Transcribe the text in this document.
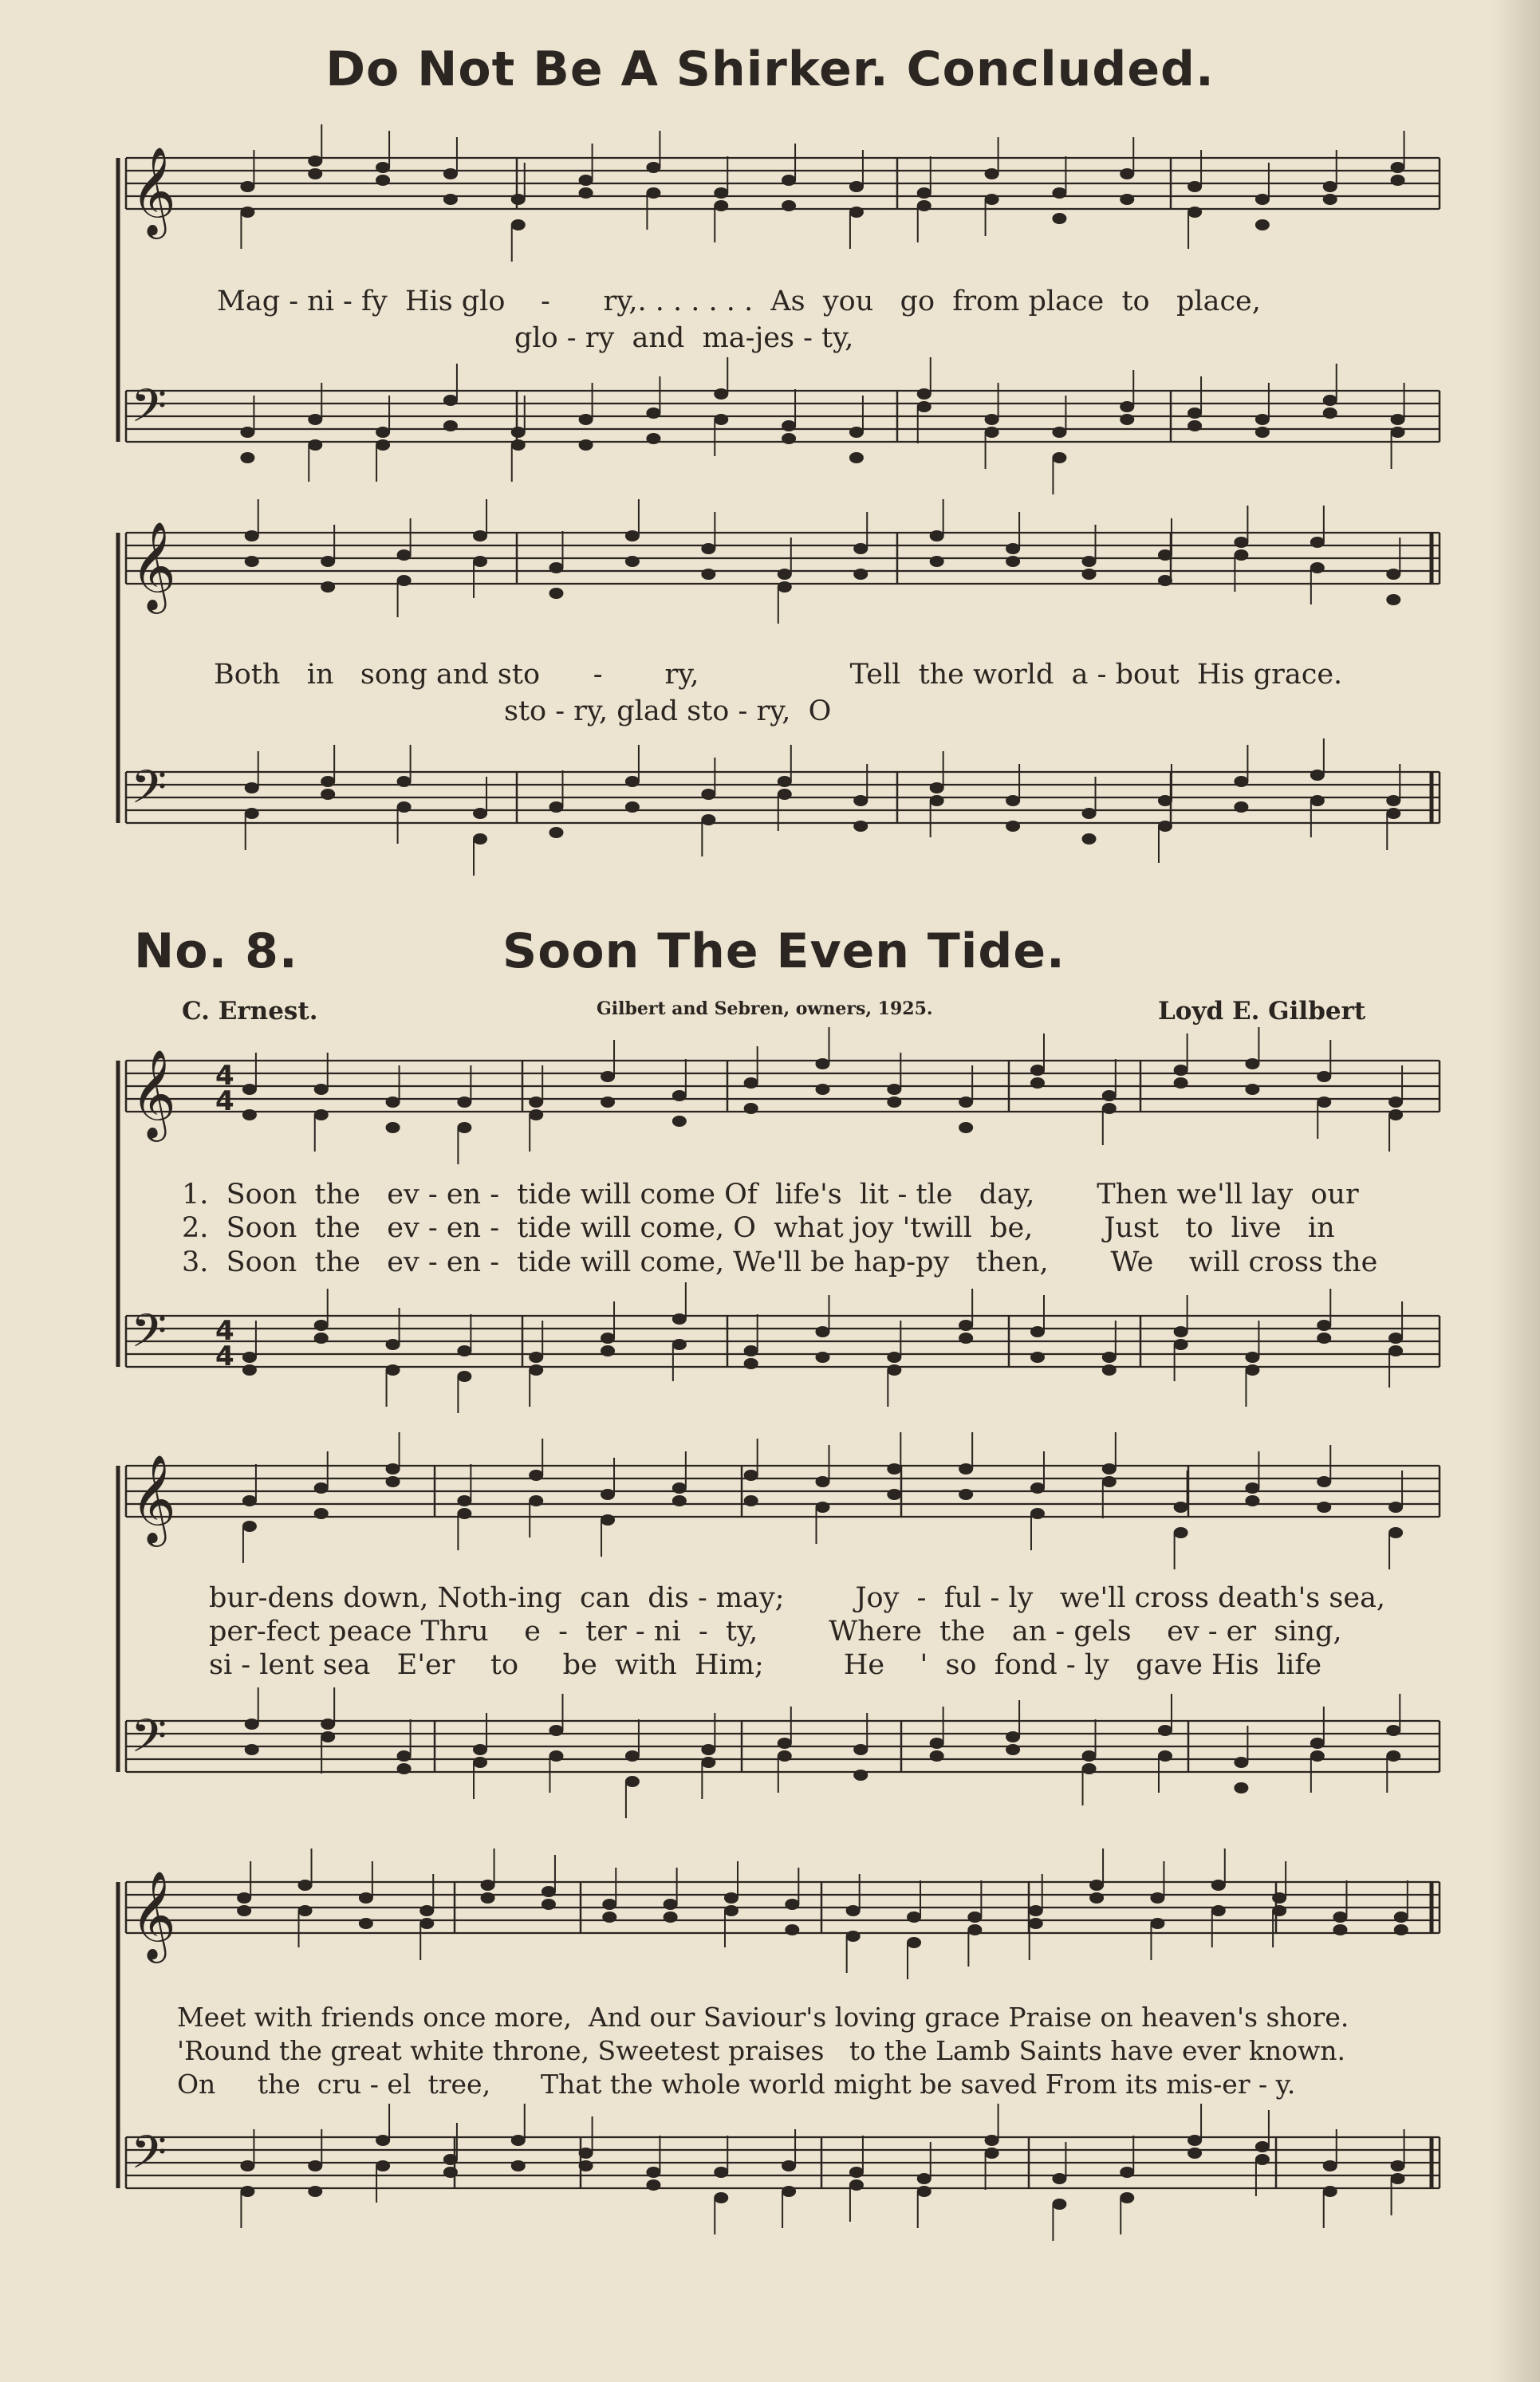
Do Not Be A Shirker. Concluded.
𝄞
𝄢
𝄞
𝄢
𝄞
𝄢
𝄞
𝄢
𝄞
𝄢
4
4
4
4
Mag - ni - fy  His glo    -      ry,. . . . . . .  As  you   go  from place  to   place,
glo - ry  and  ma-jes - ty,
Both   in   song and sto      -       ry,                 Tell  the world  a - bout  His grace.
sto - ry, glad sto - ry,  O
No. 8.	Soon The Even Tide.
C. Ernest.	Gilbert and Sebren, owners, 1925.	Loyd E. Gilbert
1.  Soon  the   ev - en -  tide will come Of  life's  lit - tle   day,       Then we'll lay  our
2.  Soon  the   ev - en -  tide will come, O  what joy 'twill  be,        Just   to  live   in
3.  Soon  the   ev - en -  tide will come, We'll be hap-py   then,       We    will cross the
bur-dens down, Noth-ing  can  dis - may;        Joy  -  ful - ly   we'll cross death's sea,
per-fect peace Thru    e  -  ter - ni  -  ty,        Where  the   an - gels    ev - er  sing,
si - lent sea   E'er    to     be  with  Him;         He    '  so  fond - ly   gave His  life
Meet with friends once more,  And our Saviour's loving grace Praise on heaven's shore.
'Round the great white throne, Sweetest praises   to the Lamb Saints have ever known.
On     the  cru - el  tree,      That the whole world might be saved From its mis-er - y.
